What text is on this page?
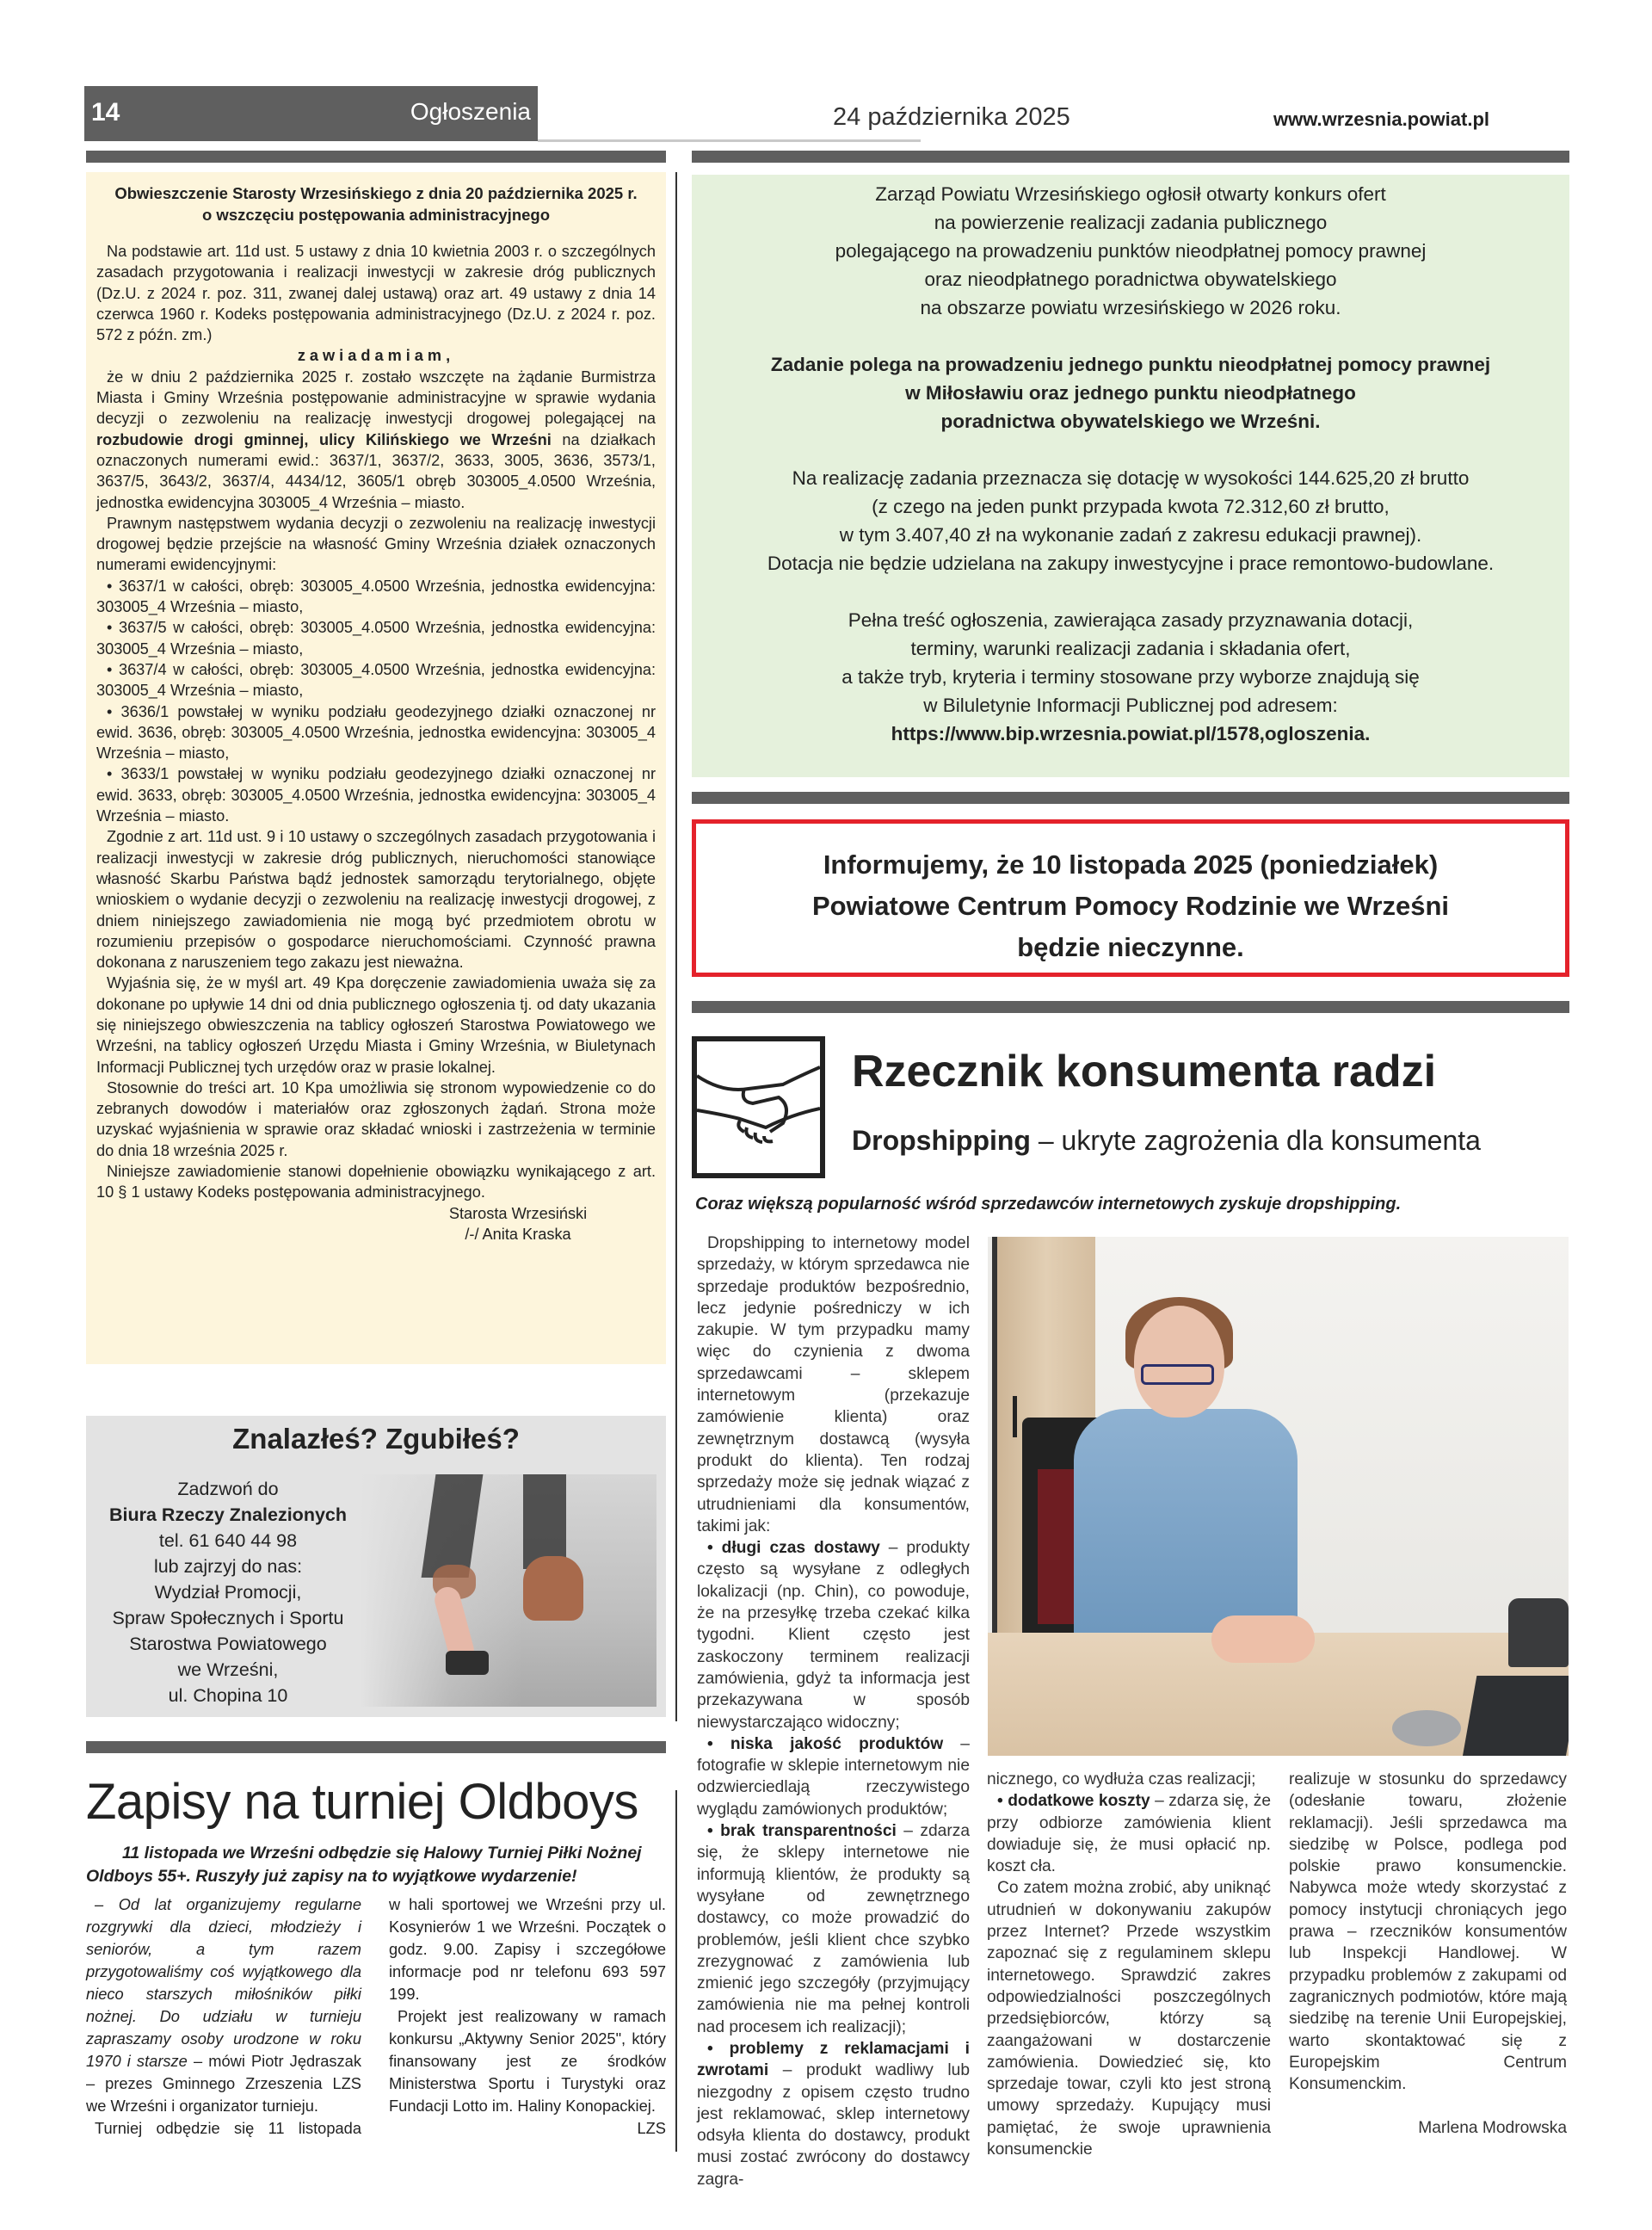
14	Ogłoszenia	24 października 2025	www.wrzesnia.powiat.pl
Obwieszczenie Starosty Wrzesińskiego z dnia 20 października 2025 r.
o wszczęciu postępowania administracyjnego

Na podstawie art. 11d ust. 5 ustawy z dnia 10 kwietnia 2003 r. o szczególnych zasadach przygotowania i realizacji inwestycji w zakresie dróg publicznych (Dz.U. z 2024 r. poz. 311, zwanej dalej ustawą) oraz art. 49 ustawy z dnia 14 czerwca 1960 r. Kodeks postępowania administracyjnego (Dz.U. z 2024 r. poz. 572 z późn. zm.)

zawiadamiam,

że w dniu 2 października 2025 r. zostało wszczęte na żądanie Burmistrza Miasta i Gminy Września postępowanie administracyjne w sprawie wydania decyzji o zezwoleniu na realizację inwestycji drogowej polegającej na rozbudowie drogi gminnej, ulicy Kilińskiego we Wrześni na działkach oznaczonych numerami ewid.: 3637/1, 3637/2, 3633, 3005, 3636, 3573/1, 3637/5, 3643/2, 3637/4, 4434/12, 3605/1 obręb 303005_4.0500 Września, jednostka ewidencyjna 303005_4 Września – miasto.

Prawnym następstwem wydania decyzji o zezwoleniu na realizację inwestycji drogowej będzie przejście na własność Gminy Września działek oznaczonych numerami ewidencyjnymi:

• 3637/1 w całości, obręb: 303005_4.0500 Września, jednostka ewidencyjna: 303005_4 Września – miasto,

• 3637/5 w całości, obręb: 303005_4.0500 Września, jednostka ewidencyjna: 303005_4 Września – miasto,

• 3637/4 w całości, obręb: 303005_4.0500 Września, jednostka ewidencyjna: 303005_4 Września – miasto,

• 3636/1 powstałej w wyniku podziału geodezyjnego działki oznaczonej nr ewid. 3636, obręb: 303005_4.0500 Września, jednostka ewidencyjna: 303005_4 Września – miasto,

• 3633/1 powstałej w wyniku podziału geodezyjnego działki oznaczonej nr ewid. 3633, obręb: 303005_4.0500 Września, jednostka ewidencyjna: 303005_4 Września – miasto.

Zgodnie z art. 11d ust. 9 i 10 ustawy o szczególnych zasadach przygotowania i realizacji inwestycji w zakresie dróg publicznych, nieruchomości stanowiące własność Skarbu Państwa bądź jednostek samorządu terytorialnego, objęte wnioskiem o wydanie decyzji o zezwoleniu na realizację inwestycji drogowej, z dniem niniejszego zawiadomienia nie mogą być przedmiotem obrotu w rozumieniu przepisów o gospodarce nieruchomościami. Czynność prawna dokonana z naruszeniem tego zakazu jest nieważna.

Wyjaśnia się, że w myśl art. 49 Kpa doręczenie zawiadomienia uważa się za dokonane po upływie 14 dni od dnia publicznego ogłoszenia tj. od daty ukazania się niniejszego obwieszczenia na tablicy ogłoszeń Starostwa Powiatowego we Wrześni, na tablicy ogłoszeń Urzędu Miasta i Gminy Września, w Biuletynach Informacji Publicznej tych urzędów oraz w prasie lokalnej.

Stosownie do treści art. 10 Kpa umożliwia się stronom wypowiedzenie co do zebranych dowodów i materiałów oraz zgłoszonych żądań. Strona może uzyskać wyjaśnienia w sprawie oraz składać wnioski i zastrzeżenia w terminie do dnia 18 września 2025 r.

Niniejsze zawiadomienie stanowi dopełnienie obowiązku wynikającego z art. 10 § 1 ustawy Kodeks postępowania administracyjnego.

Starosta Wrzesiński

/-/ Anita Kraska

Znalazłeś? Zgubiłeś?
Zadzwoń do
Biura Rzeczy Znalezionych
tel. 61 640 44 98
lub zajrzyj do nas:
Wydział Promocji,
Spraw Społecznych i Sportu
Starostwa Powiatowego
we Wrześni,
ul. Chopina 10
Zapisy na turniej Oldboys
11 listopada we Wrześni odbędzie się Halowy Turniej Piłki Nożnej Oldboys 55+. Ruszyły już zapisy na to wyjątkowe wydarzenie!

– Od lat organizujemy regularne rozgrywki dla dzieci, młodzieży i seniorów, a tym razem przygotowaliśmy coś wyjątkowego dla nieco starszych miłośników piłki nożnej. Do udziału w turnieju zapraszamy osoby urodzone w roku 1970 i starsze – mówi Piotr Jędraszak – prezes Gminnego Zrzeszenia LZS we Wrześni i organizator turnieju.

Turniej odbędzie się 11 listopada

w hali sportowej we Wrześni przy ul. Kosynierów 1 we Wrześni. Początek o godz. 9.00. Zapisy i szczegółowe informacje pod nr telefonu 693 597 199.

Projekt jest realizowany w ramach konkursu „Aktywny Senior 2025", który finansowany jest ze środków Ministerstwa Sportu i Turystyki oraz Fundacji Lotto im. Haliny Konopackiej.

LZS

Zarząd Powiatu Wrzesińskiego ogłosił otwarty konkurs ofert
na powierzenie realizacji zadania publicznego
polegającego na prowadzeniu punktów nieodpłatnej pomocy prawnej
oraz nieodpłatnego poradnictwa obywatelskiego
na obszarze powiatu wrzesińskiego w 2026 roku.
Zadanie polega na prowadzeniu jednego punktu nieodpłatnej pomocy prawnej
w Miłosławiu oraz jednego punktu nieodpłatnego
poradnictwa obywatelskiego we Wrześni.
Na realizację zadania przeznacza się dotację w wysokości 144.625,20 zł brutto
(z czego na jeden punkt przypada kwota 72.312,60 zł brutto,
w tym 3.407,40 zł na wykonanie zadań z zakresu edukacji prawnej).
Dotacja nie będzie udzielana na zakupy inwestycyjne i prace remontowo-budowlane.
Pełna treść ogłoszenia, zawierająca zasady przyznawania dotacji,
terminy, warunki realizacji zadania i składania ofert,
a także tryb, kryteria i terminy stosowane przy wyborze znajdują się
w Biluletynie Informacji Publicznej pod adresem:
https://www.bip.wrzesnia.powiat.pl/1578,ogloszenia.
Informujemy, że 10 listopada 2025 (poniedziałek)
Powiatowe Centrum Pomocy Rodzinie we Wrześni
będzie nieczynne.
Rzecznik konsumenta radzi
Dropshipping – ukryte zagrożenia dla konsumenta
Coraz większą popularność wśród sprzedawców internetowych zyskuje dropshipping.

Dropshipping to internetowy model sprzedaży, w którym sprzedawca nie sprzedaje produktów bezpośrednio, lecz jedynie pośredniczy w ich zakupie. W tym przypadku mamy więc do czynienia z dwoma sprzedawcami – sklepem internetowym (przekazuje zamówienie klienta) oraz zewnętrznym dostawcą (wysyła produkt do klienta). Ten rodzaj sprzedaży może się jednak wiązać z utrudnieniami dla konsumentów, takimi jak:

• długi czas dostawy – produkty często są wysyłane z odległych lokalizacji (np. Chin), co powoduje, że na przesyłkę trzeba czekać kilka tygodni. Klient często jest zaskoczony terminem realizacji zamówienia, gdyż ta informacja jest przekazywana w sposób niewystarczająco widoczny;

• niska jakość produktów – fotografie w sklepie internetowym nie odzwierciedlają rzeczywistego wyglądu zamówionych produktów;

• brak transparentności – zdarza się, że sklepy internetowe nie informują klientów, że produkty są wysyłane od zewnętrznego dostawcy, co może prowadzić do problemów, jeśli klient chce szybko zrezygnować z zamówienia lub zmienić jego szczegóły (przyjmujący zamówienia nie ma pełnej kontroli nad procesem ich realizacji);

• problemy z reklamacjami i zwrotami – produkt wadliwy lub niezgodny z opisem często trudno jest reklamować, sklep internetowy odsyła klienta do dostawcy, produkt musi zostać zwrócony do dostawcy zagra-

nicznego, co wydłuża czas realizacji;

• dodatkowe koszty – zdarza się, że przy odbiorze zamówienia klient dowiaduje się, że musi opłacić np. koszt cła.

Co zatem można zrobić, aby uniknąć utrudnień w dokonywaniu zakupów przez Internet? Przede wszystkim zapoznać się z regulaminem sklepu internetowego. Sprawdzić zakres odpowiedzialności poszczególnych przedsiębiorców, którzy są zaangażowani w dostarczenie zamówienia. Dowiedzieć się, kto sprzedaje towar, czyli kto jest stroną umowy sprzedaży. Kupujący musi pamiętać, że swoje uprawnienia konsumenckie

realizuje w stosunku do sprzedawcy (odesłanie towaru, złożenie reklamacji). Jeśli sprzedawca ma siedzibę w Polsce, podlega pod polskie prawo konsumenckie. Nabywca może wtedy skorzystać z pomocy instytucji chroniących jego prawa – rzeczników konsumentów lub Inspekcji Handlowej. W przypadku problemów z zakupami od zagranicznych podmiotów, które mają siedzibę na terenie Unii Europejskiej, warto skontaktować się z Europejskim Centrum Konsumenckim.

Marlena Modrowska
